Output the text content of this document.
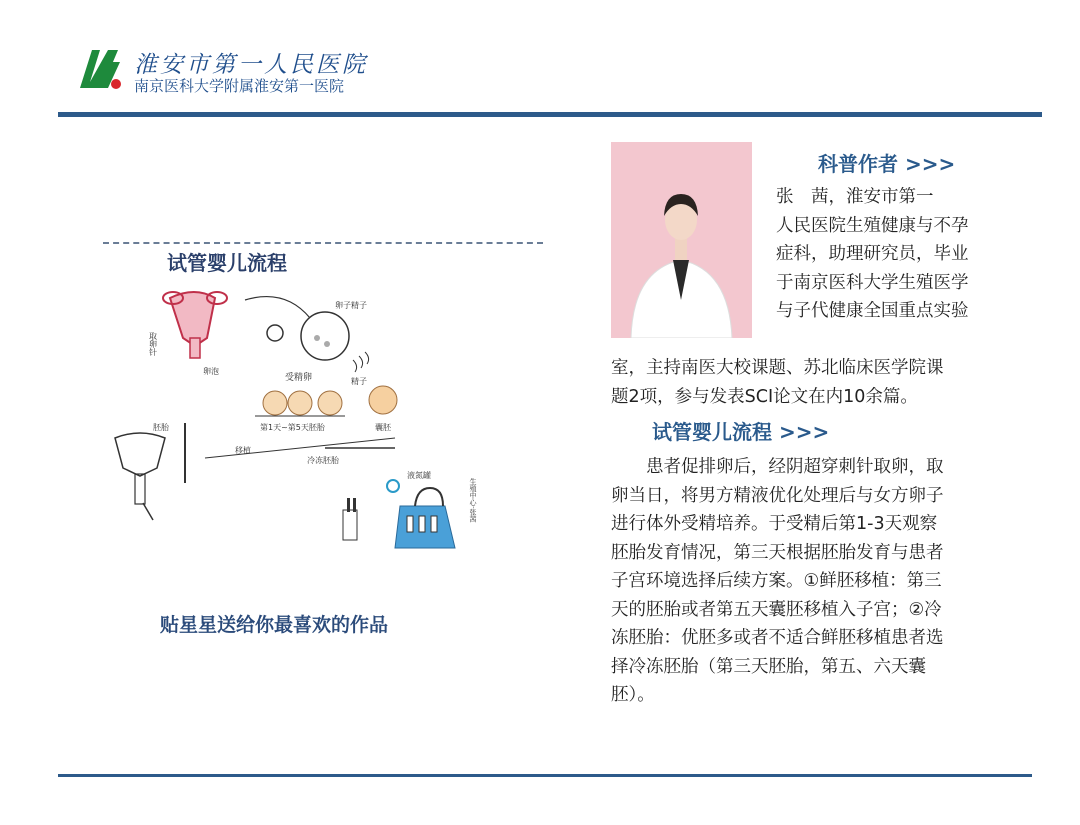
淮安市第一人民医院
南京医科大学附属淮安第一医院
试管婴儿流程
取卵针
卵泡
卵子精子
精子
受精卵
第1天~第5天胚胎	囊胚
胚胎
移植
冷冻胚胎
液氮罐
生殖中心·张茜
贴星星送给你最喜欢的作品
科普作者 >>>
张　茜，淮安市第一
人民医院生殖健康与不孕
症科，助理研究员，毕业
于南京医科大学生殖医学
与子代健康全国重点实验
室，主持南医大校课题、苏北临床医学院课
题2项，参与发表SCI论文在内10余篇。
试管婴儿流程 >>>
　　患者促排卵后，经阴超穿刺针取卵，取
卵当日，将男方精液优化处理后与女方卵子
进行体外受精培养。于受精后第1-3天观察
胚胎发育情况，第三天根据胚胎发育与患者
子宫环境选择后续方案。①鲜胚移植：第三
天的胚胎或者第五天囊胚移植入子宫；②冷
冻胚胎：优胚多或者不适合鲜胚移植患者选
择冷冻胚胎（第三天胚胎，第五、六天囊
胚）。
